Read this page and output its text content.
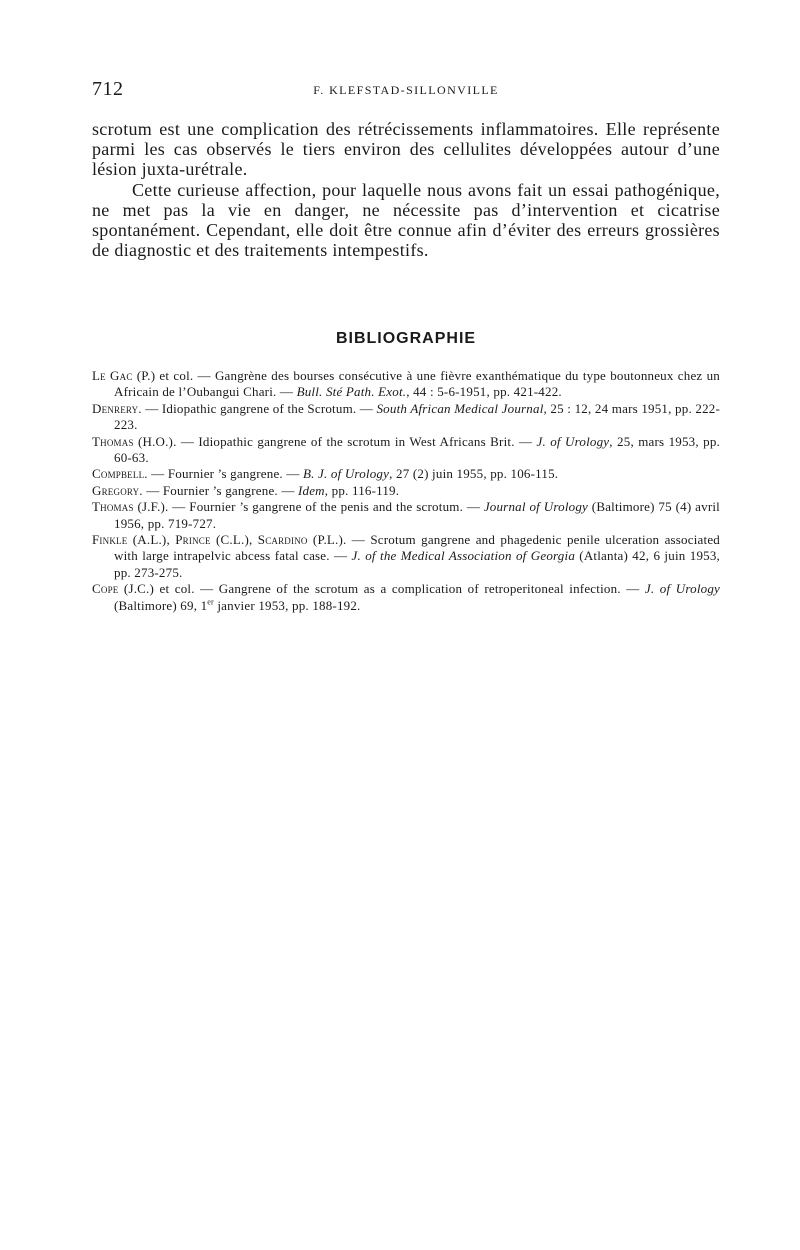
712	F. KLEFSTAD-SILLONVILLE

scrotum est une complication des rétrécissements inflammatoires. Elle représente parmi les cas observés le tiers environ des cellulites développées autour d’une lésion juxta-urétrale.

Cette curieuse affection, pour laquelle nous avons fait un essai pathogénique, ne met pas la vie en danger, ne nécessite pas d’intervention et cicatrise spontanément. Cependant, elle doit être connue afin d’éviter des erreurs grossières de diagnostic et des traitements intempestifs.

BIBLIOGRAPHIE

Le Gac (P.) et col. — Gangrène des bourses consécutive à une fièvre exanthématique du type boutonneux chez un Africain de l’Oubangui Chari. — Bull. Sté Path. Exot., 44 : 5-6-1951, pp. 421-422.

Denrery. — Idiopathic gangrene of the Scrotum. — South African Medical Journal, 25 : 12, 24 mars 1951, pp. 222-223.

Thomas (H.O.). — Idiopathic gangrene of the scrotum in West Africans Brit. — J. of Urology, 25, mars 1953, pp. 60-63.

Compbell. — Fournier ’s gangrene. — B. J. of Urology, 27 (2) juin 1955, pp. 106-115.

Gregory. — Fournier ’s gangrene. — Idem, pp. 116-119.

Thomas (J.F.). — Fournier ’s gangrene of the penis and the scrotum. — Journal of Urology (Baltimore) 75 (4) avril 1956, pp. 719-727.

Finkle (A.L.), Prince (C.L.), Scardino (P.L.). — Scrotum gangrene and phagedenic penile ulceration associated with large intrapelvic abcess fatal case. — J. of the Medical Association of Georgia (Atlanta) 42, 6 juin 1953, pp. 273-275.

Cope (J.C.) et col. — Gangrene of the scrotum as a complication of retroperitoneal infection. — J. of Urology (Baltimore) 69, 1er janvier 1953, pp. 188-192.
